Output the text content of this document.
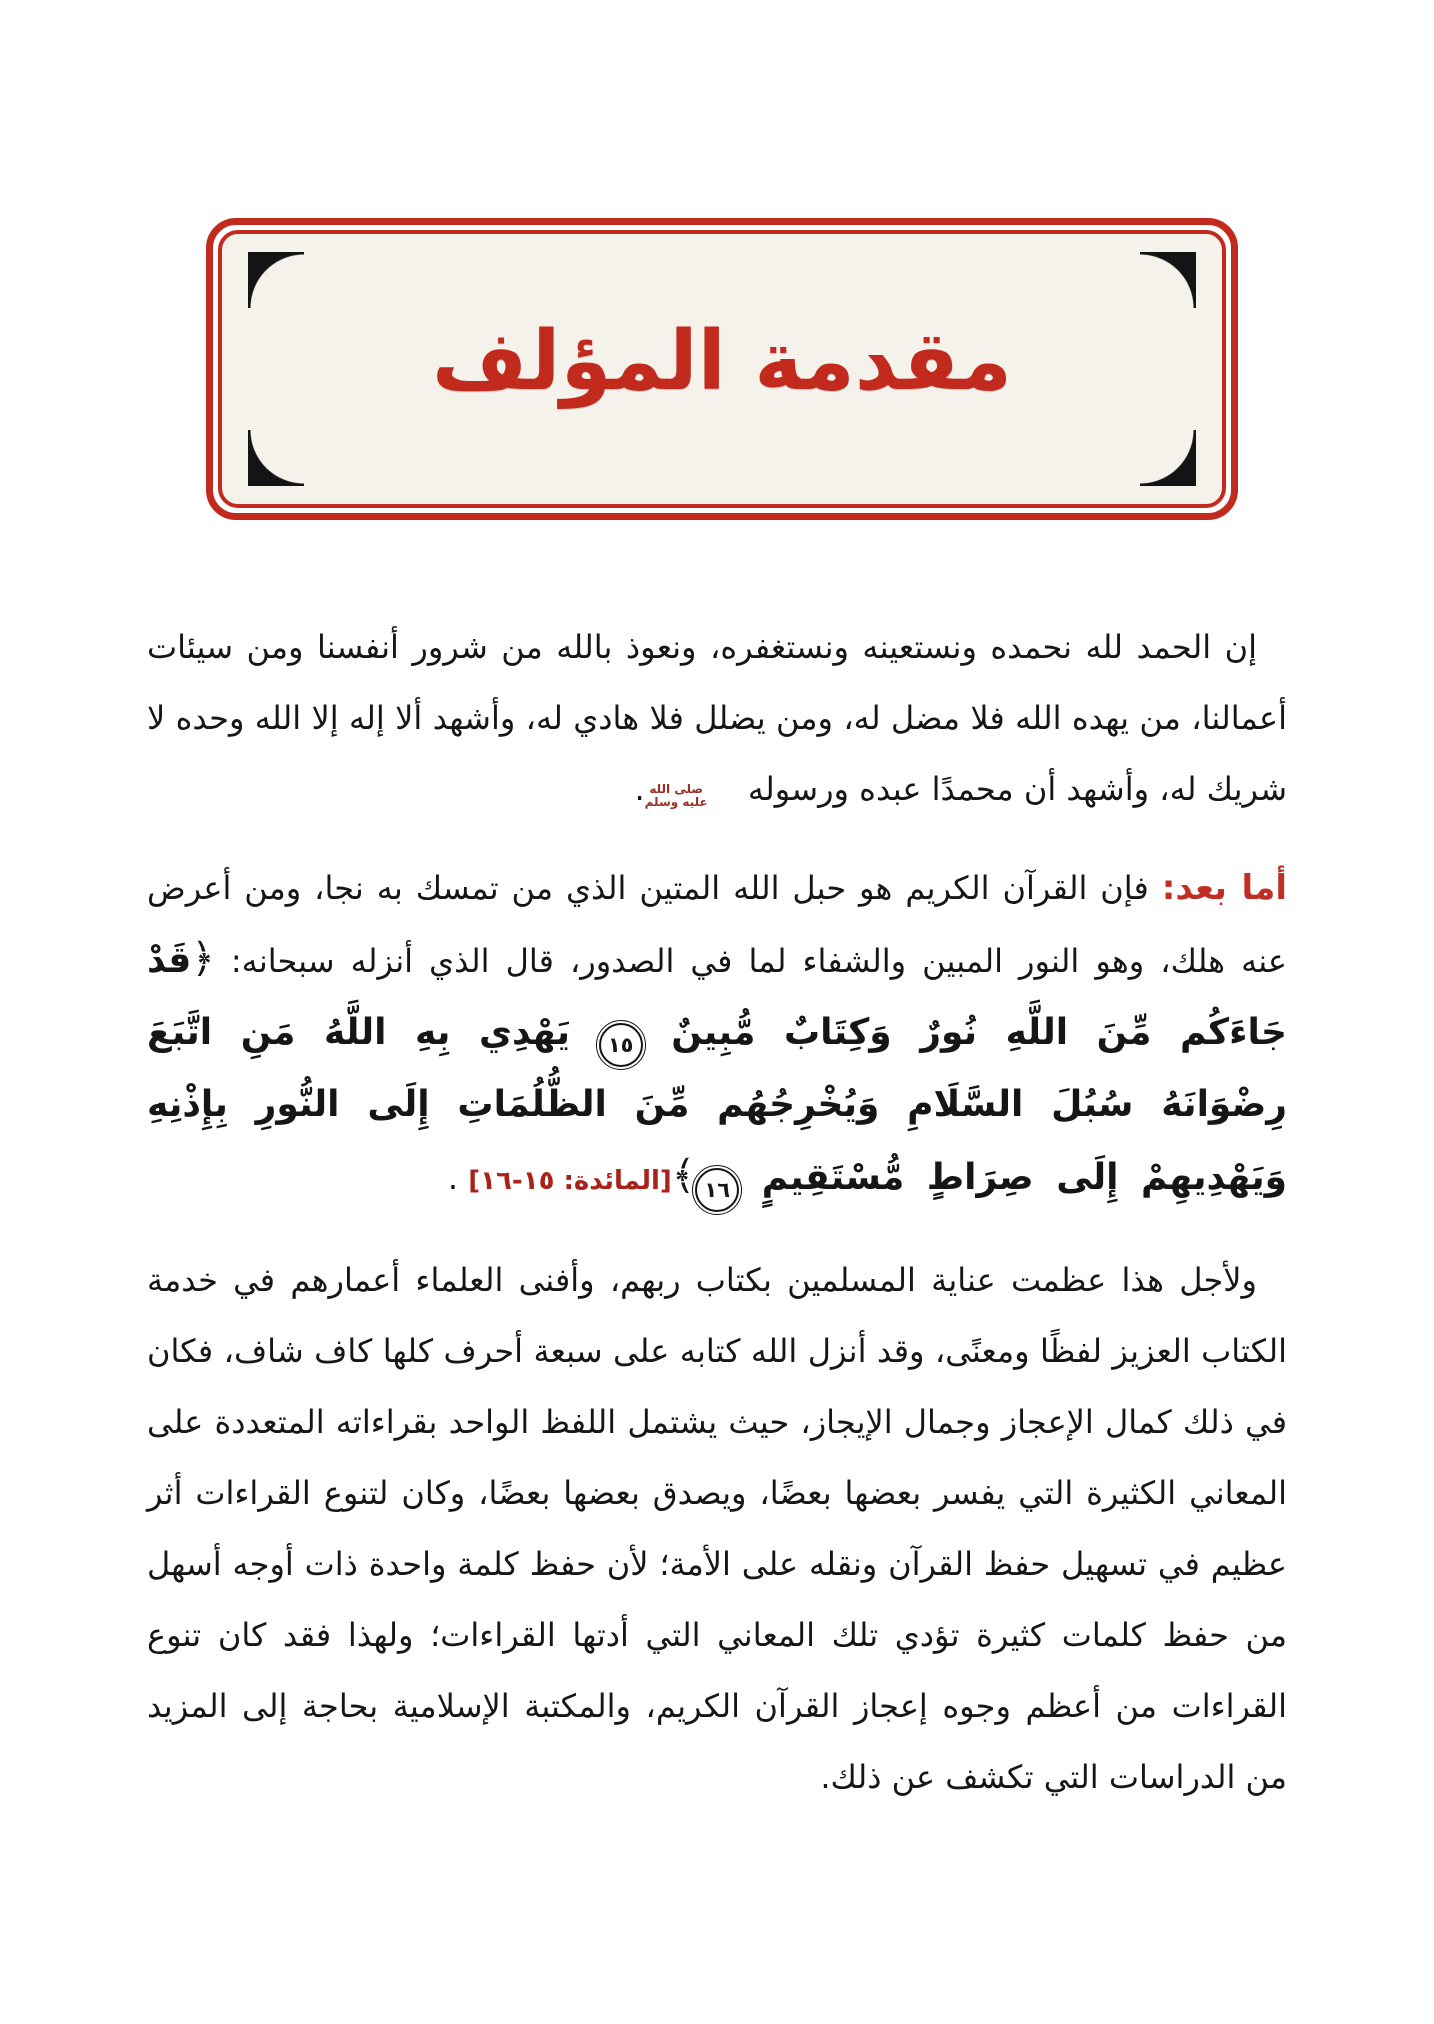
مقدمة المؤلف

إن الحمد لله نحمده ونستعينه ونستغفره، ونعوذ بالله من شرور أنفسنا ومن سيئات أعمالنا، من يهده الله فلا مضل له، ومن يضلل فلا هادي له، وأشهد ألا إله إلا الله وحده لا شريك له، وأشهد أن محمدًا عبده ورسوله
صلى الله
عليه وسلم
.

أما بعد: فإن القرآن الكريم هو حبل الله المتين الذي من تمسك به نجا، ومن أعرض عنه هلك، وهو النور المبين والشفاء لما في الصدور، قال الذي أنزله سبحانه: ﴿قَدْ جَاءَكُم مِّنَ اللَّهِ نُورٌ وَكِتَابٌ مُّبِينٌ ١٥ يَهْدِي بِهِ اللَّهُ مَنِ اتَّبَعَ رِضْوَانَهُ سُبُلَ السَّلَامِ وَيُخْرِجُهُم مِّنَ الظُّلُمَاتِ إِلَى النُّورِ بِإِذْنِهِ وَيَهْدِيهِمْ إِلَى صِرَاطٍ مُّسْتَقِيمٍ ١٦﴾[المائدة: ١٥-١٦] .

ولأجل هذا عظمت عناية المسلمين بكتاب ربهم، وأفنى العلماء أعمارهم في خدمة الكتاب العزيز لفظًا ومعنًى، وقد أنزل الله كتابه على سبعة أحرف كلها كاف شاف، فكان في ذلك كمال الإعجاز وجمال الإيجاز، حيث يشتمل اللفظ الواحد بقراءاته المتعددة على المعاني الكثيرة التي يفسر بعضها بعضًا، ويصدق بعضها بعضًا، وكان لتنوع القراءات أثر عظيم في تسهيل حفظ القرآن ونقله على الأمة؛ لأن حفظ كلمة واحدة ذات أوجه أسهل من حفظ كلمات كثيرة تؤدي تلك المعاني التي أدتها القراءات؛ ولهذا فقد كان تنوع القراءات من أعظم وجوه إعجاز القرآن الكريم، والمكتبة الإسلامية بحاجة إلى المزيد من الدراسات التي تكشف عن ذلك.
